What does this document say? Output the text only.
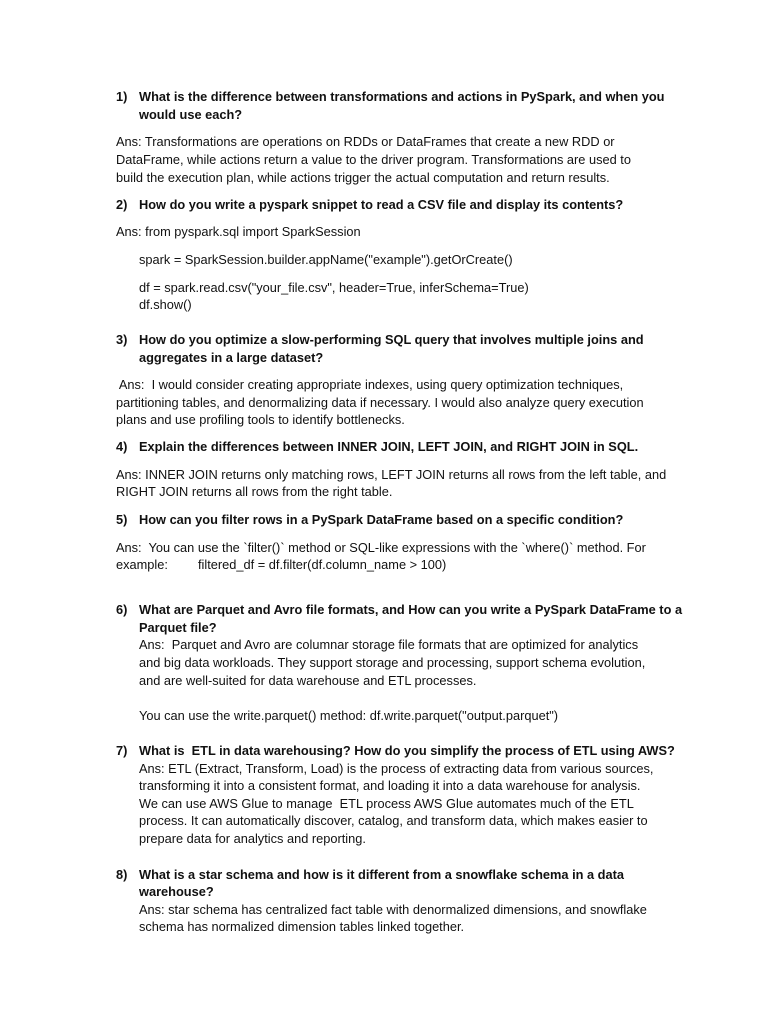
1) What is the difference between transformations and actions in PySpark, and when you
would use each?
Ans: Transformations are operations on RDDs or DataFrames that create a new RDD or
DataFrame, while actions return a value to the driver program. Transformations are used to
build the execution plan, while actions trigger the actual computation and return results.
2) How do you write a pyspark snippet to read a CSV file and display its contents?
Ans: from pyspark.sql import SparkSession
spark = SparkSession.builder.appName("example").getOrCreate()
df = spark.read.csv("your_file.csv", header=True, inferSchema=True)
df.show()
3) How do you optimize a slow-performing SQL query that involves multiple joins and
aggregates in a large dataset?
Ans:  I would consider creating appropriate indexes, using query optimization techniques,
partitioning tables, and denormalizing data if necessary. I would also analyze query execution
plans and use profiling tools to identify bottlenecks.
4) Explain the differences between INNER JOIN, LEFT JOIN, and RIGHT JOIN in SQL.
Ans: INNER JOIN returns only matching rows, LEFT JOIN returns all rows from the left table, and
RIGHT JOIN returns all rows from the right table.
5) How can you filter rows in a PySpark DataFrame based on a specific condition?
Ans:  You can use the `filter()` method or SQL-like expressions with the `where()` method. For
example: filtered_df = df.filter(df.column_name > 100)
6) What are Parquet and Avro file formats, and How can you write a PySpark DataFrame to a
Parquet file?
Ans:  Parquet and Avro are columnar storage file formats that are optimized for analytics
and big data workloads. They support storage and processing, support schema evolution,
and are well-suited for data warehouse and ETL processes.
You can use the write.parquet() method: df.write.parquet("output.parquet")
7) What is  ETL in data warehousing? How do you simplify the process of ETL using AWS?
Ans: ETL (Extract, Transform, Load) is the process of extracting data from various sources,
transforming it into a consistent format, and loading it into a data warehouse for analysis.
We can use AWS Glue to manage  ETL process AWS Glue automates much of the ETL
process. It can automatically discover, catalog, and transform data, which makes easier to
prepare data for analytics and reporting.
8) What is a star schema and how is it different from a snowflake schema in a data
warehouse?
Ans: star schema has centralized fact table with denormalized dimensions, and snowflake
schema has normalized dimension tables linked together.
